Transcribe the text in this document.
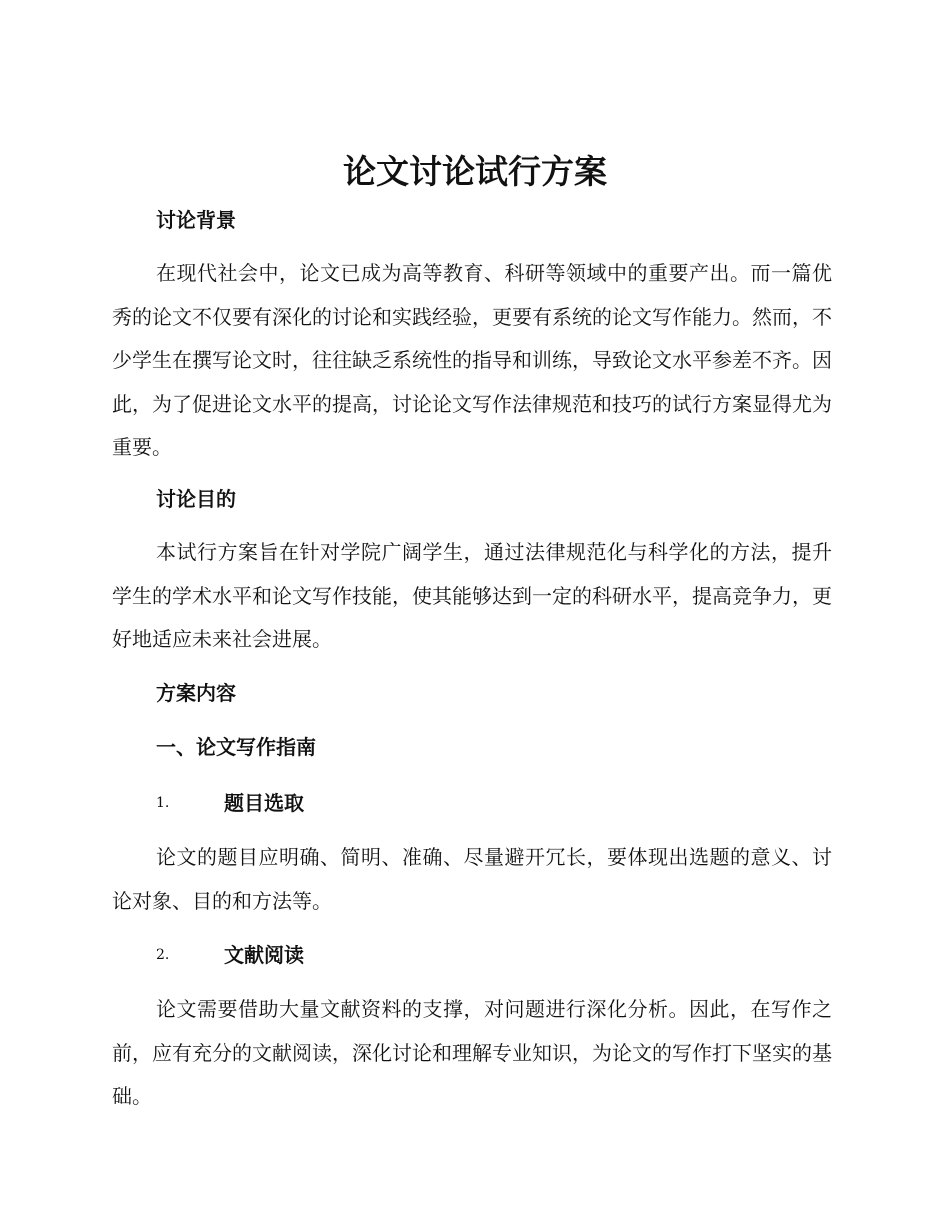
论文讨论试行方案
讨论背景
在现代社会中，论文已成为高等教育、科研等领域中的重要产出。而一篇优秀的论文不仅要有深化的讨论和实践经验，更要有系统的论文写作能力。然而，不少学生在撰写论文时，往往缺乏系统性的指导和训练，导致论文水平参差不齐。因此，为了促进论文水平的提高，讨论论文写作法律规范和技巧的试行方案显得尤为重要。
讨论目的
本试行方案旨在针对学院广阔学生，通过法律规范化与科学化的方法，提升学生的学术水平和论文写作技能，使其能够达到一定的科研水平，提高竞争力，更好地适应未来社会进展。
方案内容
一、论文写作指南
1.	题目选取
论文的题目应明确、简明、准确、尽量避开冗长，要体现出选题的意义、讨论对象、目的和方法等。
2.	文献阅读
论文需要借助大量文献资料的支撑，对问题进行深化分析。因此，在写作之前，应有充分的文献阅读，深化讨论和理解专业知识，为论文的写作打下坚实的基础。
